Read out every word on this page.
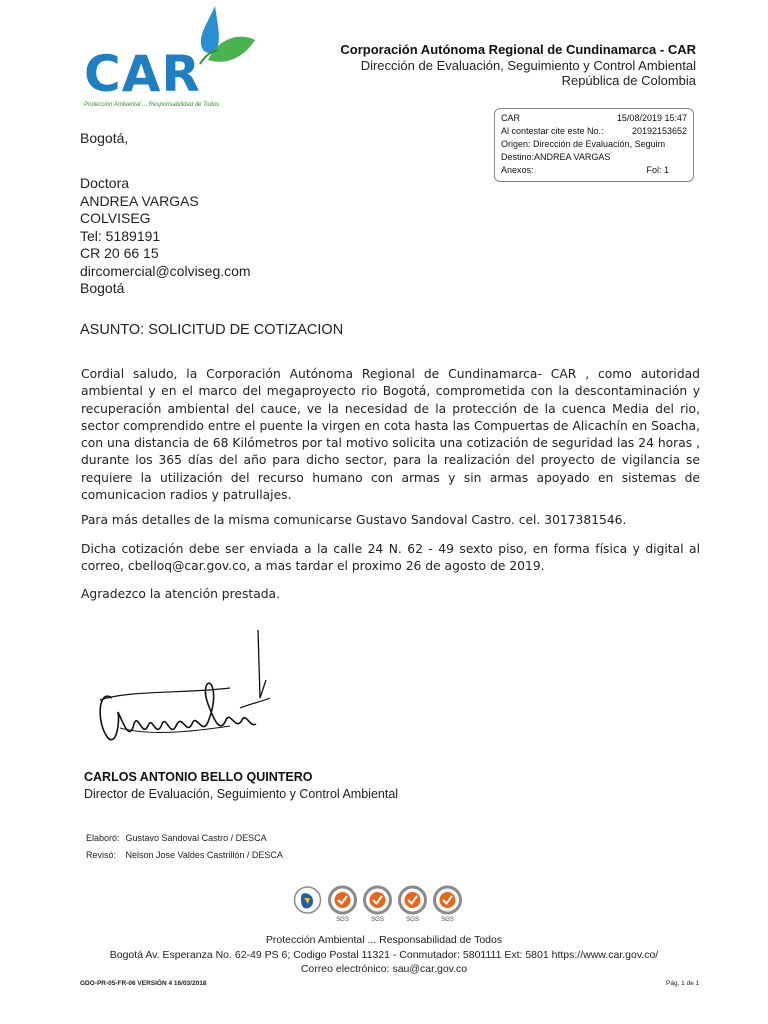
CAR
Protección Ambiental ... Responsabilidad de Todos
Corporación Autónoma Regional de Cundinamarca - CAR
Dirección de Evaluación, Seguimiento y Control Ambiental
República de Colombia
CAR	15/08/2019 15:47
Al contestar cite este No.:	20192153652
Origen: Dirección de Evaluación, Seguim
Destino:ANDREA VARGAS
Anexos:	Fol: 1
Bogotá,
Doctora
ANDREA VARGAS
COLVISEG
Tel: 5189191
CR 20 66 15
dircomercial@colviseg.com
Bogotá
ASUNTO: SOLICITUD DE COTIZACION
Cordial saludo, la Corporación Autónoma Regional de Cundinamarca- CAR , como autoridad ambiental y en el marco del megaproyecto rio Bogotá, comprometida con la descontaminación y recuperación ambiental del cauce, ve la necesidad de la protección de la cuenca Media del rio, sector comprendido entre el puente la virgen en cota hasta las Compuertas de Alicachín en Soacha, con una distancia de 68 Kilómetros por tal motivo solicita una cotización de seguridad las 24 horas , durante los 365 días del año para dicho sector, para la realización del proyecto de vigilancia se requiere la utilización del recurso humano con armas y sin armas apoyado en sistemas de comunicacion radios y patrullajes.
Para más detalles de la misma comunicarse Gustavo Sandoval Castro. cel. 3017381546.
Dicha cotización debe ser enviada a la calle 24 N. 62 - 49 sexto piso, en forma física y digital al correo, cbelloq@car.gov.co, a mas tardar el proximo 26 de agosto de 2019.
Agradezco la atención prestada.
CARLOS ANTONIO BELLO QUINTERO
Director de Evaluación, Seguimiento y Control Ambiental
Elaboró: Gustavo Sandoval Castro / DESCA
Revisó: Nelson Jose Valdes Castrillón / DESCA
SGS	SGS	SGS	SGS
Protección Ambiental ... Responsabilidad de Todos
Bogotá Av. Esperanza No. 62-49 PS 6; Codigo Postal 11321 - Conmutador: 5801111 Ext: 5801 https://www.car.gov.co/
Correo electrónico: sau@car.gov.co
GDO-PR-05-FR-06 VERSIÓN 4 16/03/2018	Pág. 1 de 1
